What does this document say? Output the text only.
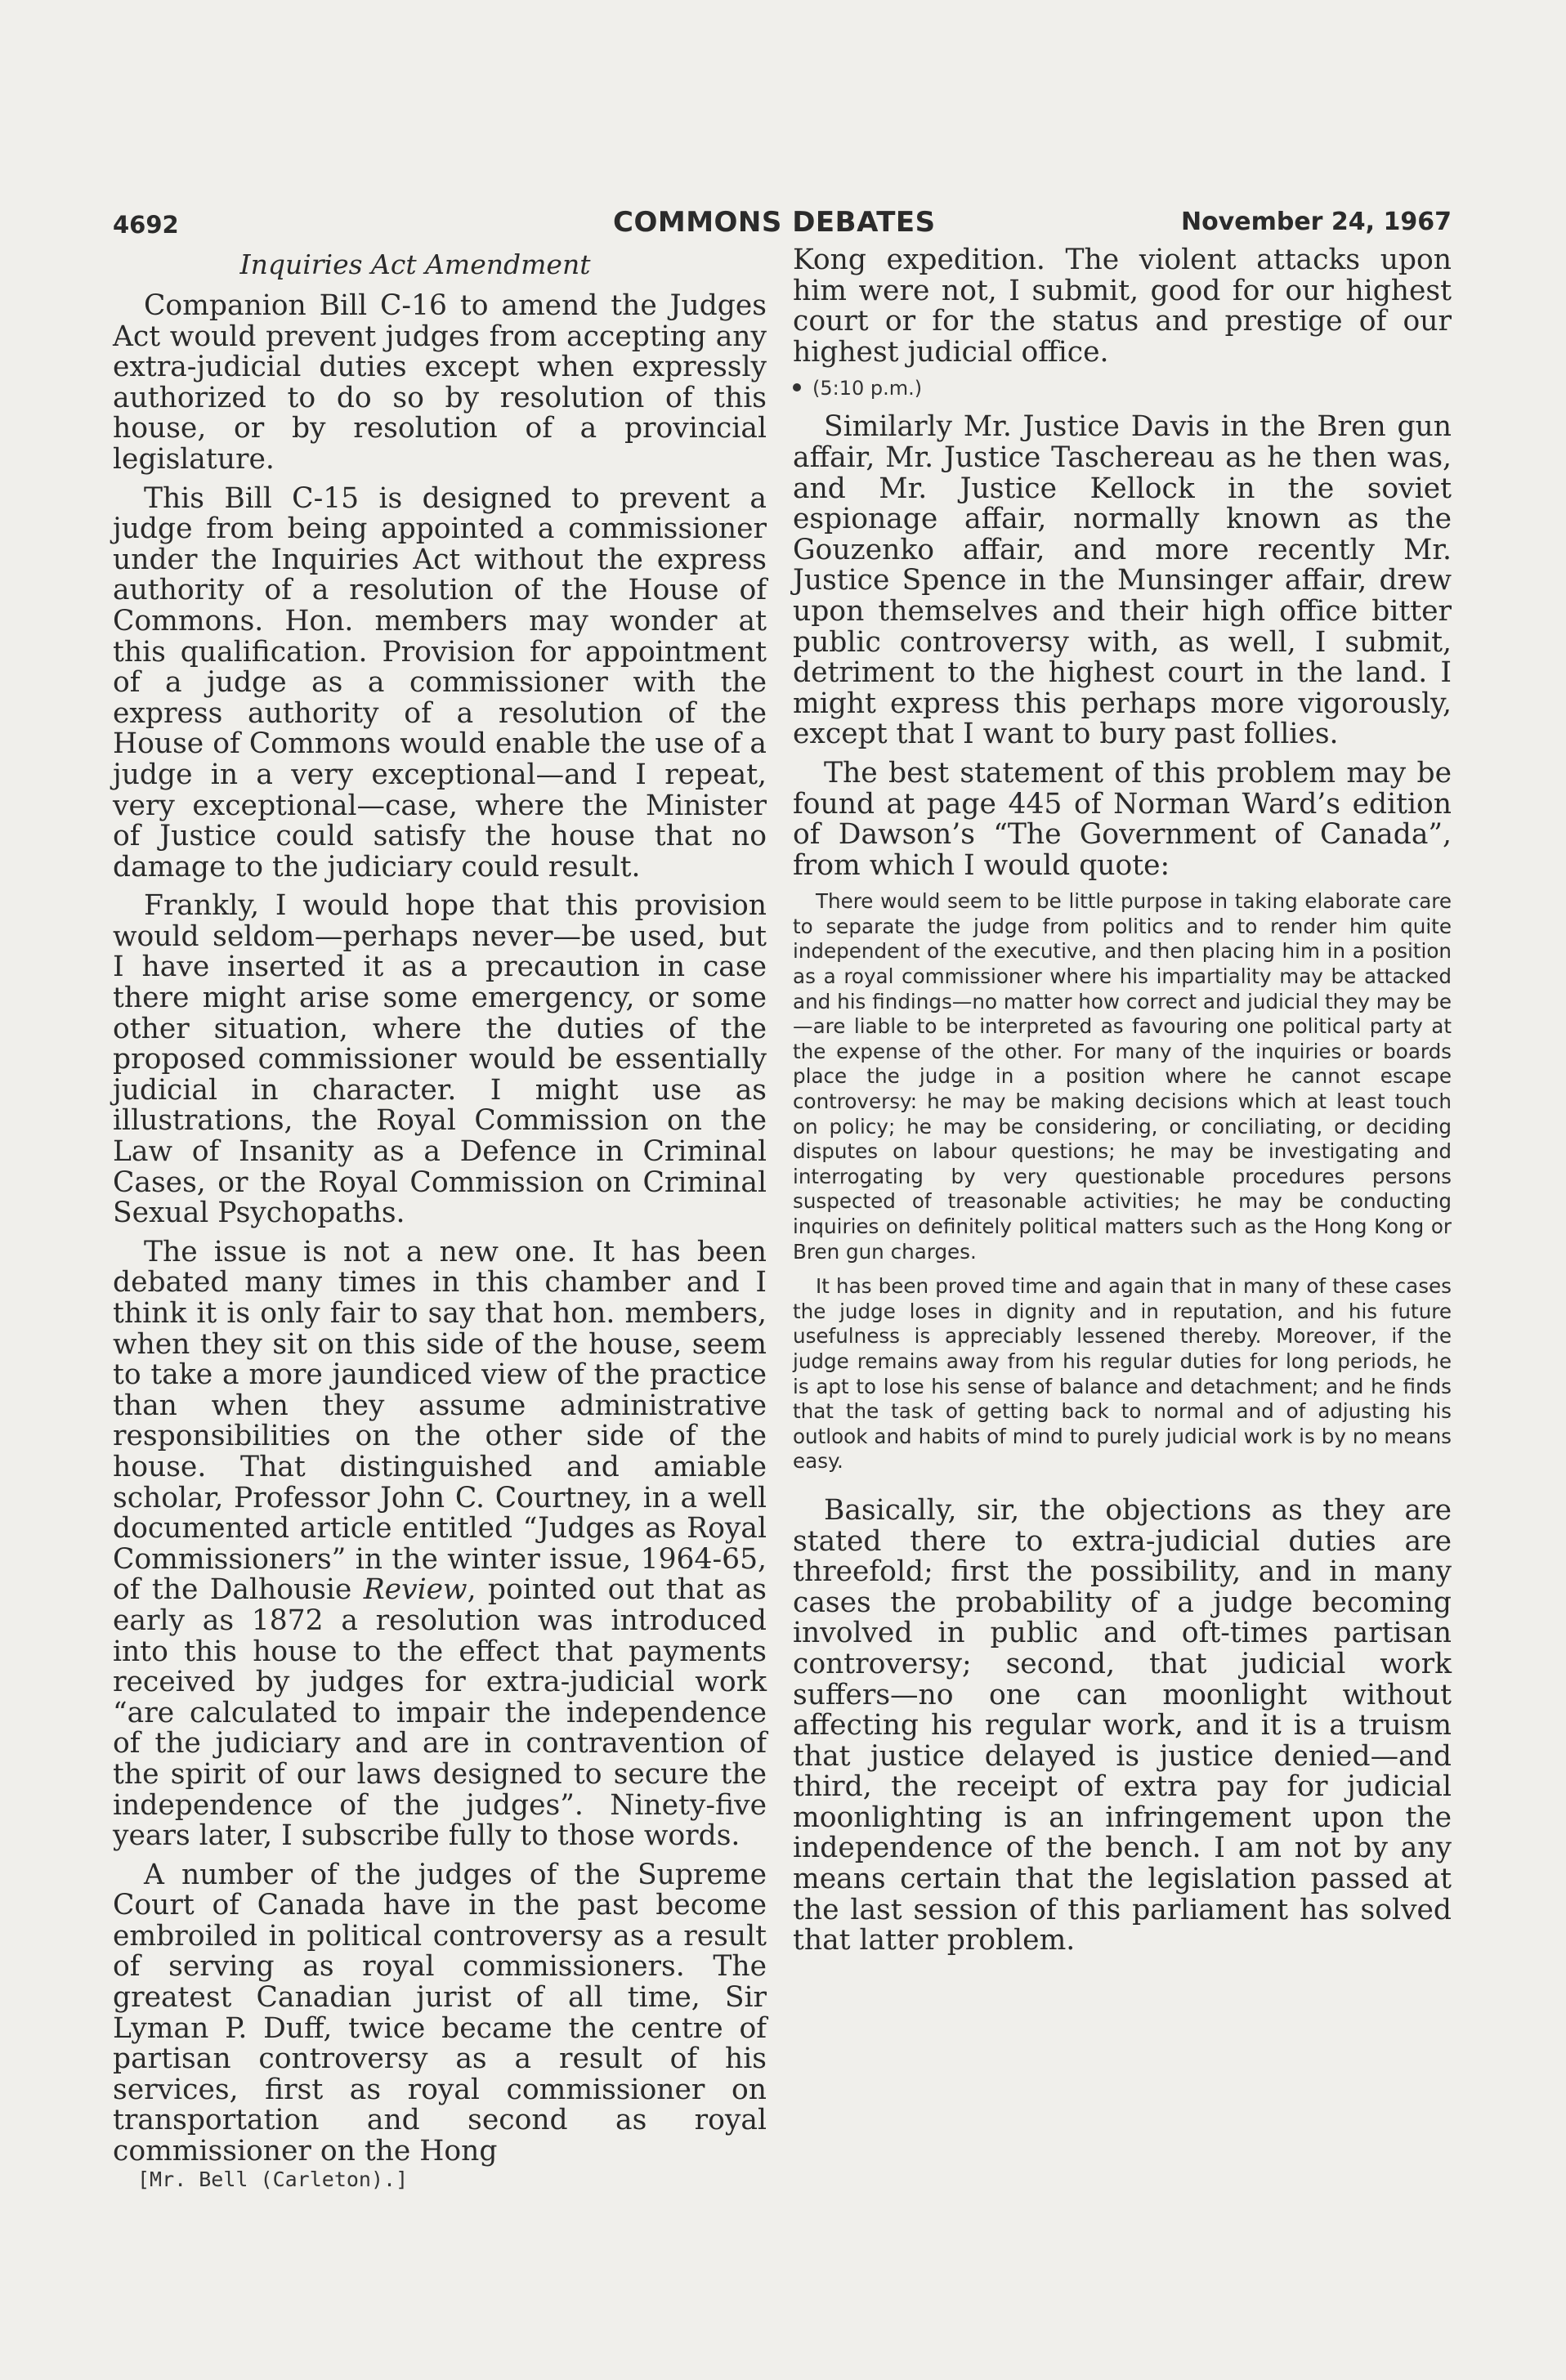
4692	COMMONS DEBATES	November 24, 1967
Inquiries Act Amendment

Companion Bill C-16 to amend the Judges Act would prevent judges from accepting any extra-judicial duties except when expressly authorized to do so by resolution of this house, or by resolution of a provincial legislature.

This Bill C-15 is designed to prevent a judge from being appointed a commissioner under the Inquiries Act without the express authority of a resolution of the House of Commons. Hon. members may wonder at this qualification. Provision for appointment of a judge as a commissioner with the express authority of a resolution of the House of Commons would enable the use of a judge in a very exceptional—and I repeat, very exceptional—case, where the Minister of Justice could satisfy the house that no damage to the judiciary could result.

Frankly, I would hope that this provision would seldom—perhaps never—be used, but I have inserted it as a precaution in case there might arise some emergency, or some other situation, where the duties of the proposed commissioner would be essentially judicial in character. I might use as illustrations, the Royal Commission on the Law of Insanity as a Defence in Criminal Cases, or the Royal Commission on Criminal Sexual Psychopaths.

The issue is not a new one. It has been debated many times in this chamber and I think it is only fair to say that hon. members, when they sit on this side of the house, seem to take a more jaundiced view of the practice than when they assume administrative responsibilities on the other side of the house. That distinguished and amiable scholar, Professor John C. Courtney, in a well documented article entitled “Judges as Royal Commissioners” in the winter issue, 1964-65, of the Dalhousie Review, pointed out that as early as 1872 a resolution was introduced into this house to the effect that payments received by judges for extra-judicial work “are calculated to impair the independence of the judiciary and are in contravention of the spirit of our laws designed to secure the independence of the judges”. Ninety-five years later, I subscribe fully to those words.

A number of the judges of the Supreme Court of Canada have in the past become embroiled in political controversy as a result of serving as royal commissioners. The greatest Canadian jurist of all time, Sir Lyman P. Duff, twice became the centre of partisan controversy as a result of his services, first as royal commissioner on transportation and second as royal commissioner on the Hong

Kong expedition. The violent attacks upon him were not, I submit, good for our highest court or for the status and prestige of our highest judicial office.

(5:10 p.m.)

Similarly Mr. Justice Davis in the Bren gun affair, Mr. Justice Taschereau as he then was, and Mr. Justice Kellock in the soviet espionage affair, normally known as the Gouzenko affair, and more recently Mr. Justice Spence in the Munsinger affair, drew upon themselves and their high office bitter public controversy with, as well, I submit, detriment to the highest court in the land. I might express this perhaps more vigorously, except that I want to bury past follies.

The best statement of this problem may be found at page 445 of Norman Ward’s edition of Dawson’s “The Government of Canada”, from which I would quote:

There would seem to be little purpose in taking elaborate care to separate the judge from politics and to render him quite independent of the executive, and then placing him in a position as a royal commissioner where his impartiality may be attacked and his findings—no matter how correct and judicial they may be—are liable to be interpreted as favouring one political party at the expense of the other. For many of the inquiries or boards place the judge in a position where he cannot escape controversy: he may be making decisions which at least touch on policy; he may be considering, or conciliating, or deciding disputes on labour questions; he may be investigating and interrogating by very questionable procedures persons suspected of treasonable activities; he may be conducting inquiries on definitely political matters such as the Hong Kong or Bren gun charges.

It has been proved time and again that in many of these cases the judge loses in dignity and in reputation, and his future usefulness is appreciably lessened thereby. Moreover, if the judge remains away from his regular duties for long periods, he is apt to lose his sense of balance and detachment; and he finds that the task of getting back to normal and of adjusting his outlook and habits of mind to purely judicial work is by no means easy.

Basically, sir, the objections as they are stated there to extra-judicial duties are threefold; first the possibility, and in many cases the probability of a judge becoming involved in public and oft-times partisan controversy; second, that judicial work suffers—no one can moonlight without affecting his regular work, and it is a truism that justice delayed is justice denied—and third, the receipt of extra pay for judicial moonlighting is an infringement upon the independence of the bench. I am not by any means certain that the legislation passed at the last session of this parliament has solved that latter problem.

[Mr. Bell (Carleton).]
